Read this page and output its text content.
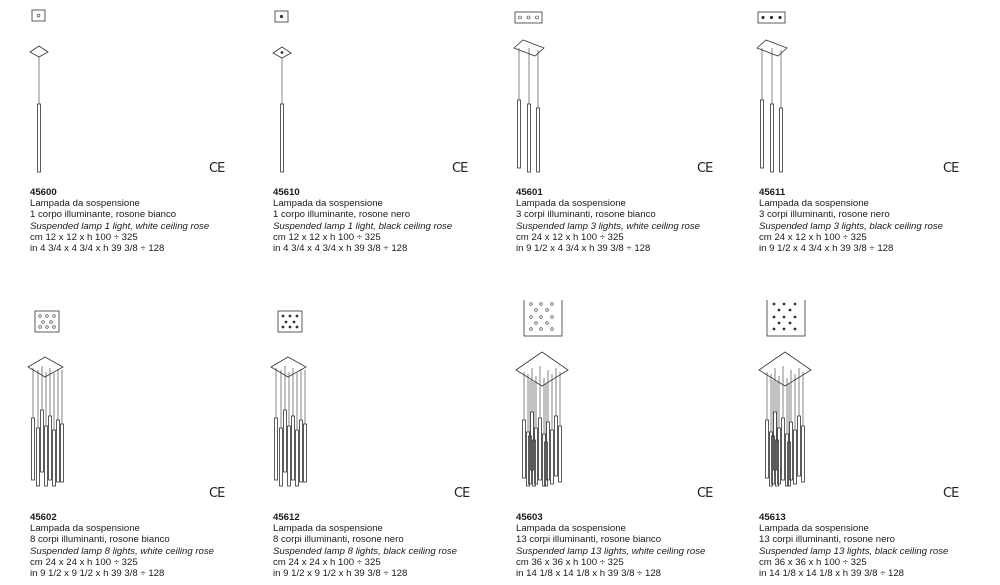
CE
45600
Lampada da sospensione
1 corpo illuminante, rosone bianco
Suspended lamp 1 light, white ceiling rose
cm 12 x 12 x h 100 ÷ 325
in 4 3/4 x 4 3/4 x h 39 3/8 ÷ 128
CE
45610
Lampada da sospensione
1 corpo illuminante, rosone nero
Suspended lamp 1 light, black ceiling rose
cm 12 x 12 x h 100 ÷ 325
in 4 3/4 x 4 3/4 x h 39 3/8 ÷ 128
CE
45601
Lampada da sospensione
3 corpi illuminanti, rosone bianco
Suspended lamp 3 lights, white ceiling rose
cm 24 x 12 x h 100 ÷ 325
in 9 1/2 x 4 3/4 x h 39 3/8 ÷ 128
CE
45611
Lampada da sospensione
3 corpi illuminanti, rosone nero
Suspended lamp 3 lights, black ceiling rose
cm 24 x 12 x h 100 ÷ 325
in 9 1/2 x 4 3/4 x h 39 3/8 ÷ 128
CE
45602
Lampada da sospensione
8 corpi illuminanti, rosone bianco
Suspended lamp 8 lights, white ceiling rose
cm 24 x 24 x h 100 ÷ 325
in 9 1/2 x 9 1/2 x h 39 3/8 ÷ 128
CE
45612
Lampada da sospensione
8 corpi illuminanti, rosone nero
Suspended lamp 8 lights, black ceiling rose
cm 24 x 24 x h 100 ÷ 325
in 9 1/2 x 9 1/2 x h 39 3/8 ÷ 128
CE
45603
Lampada da sospensione
13 corpi illuminanti, rosone bianco
Suspended lamp 13 lights, white ceiling rose
cm 36 x 36 x h 100 ÷ 325
in 14 1/8 x 14 1/8 x h 39 3/8 ÷ 128
CE
45613
Lampada da sospensione
13 corpi illuminanti, rosone nero
Suspended lamp 13 lights, black ceiling rose
cm 36 x 36 x h 100 ÷ 325
in 14 1/8 x 14 1/8 x h 39 3/8 ÷ 128
